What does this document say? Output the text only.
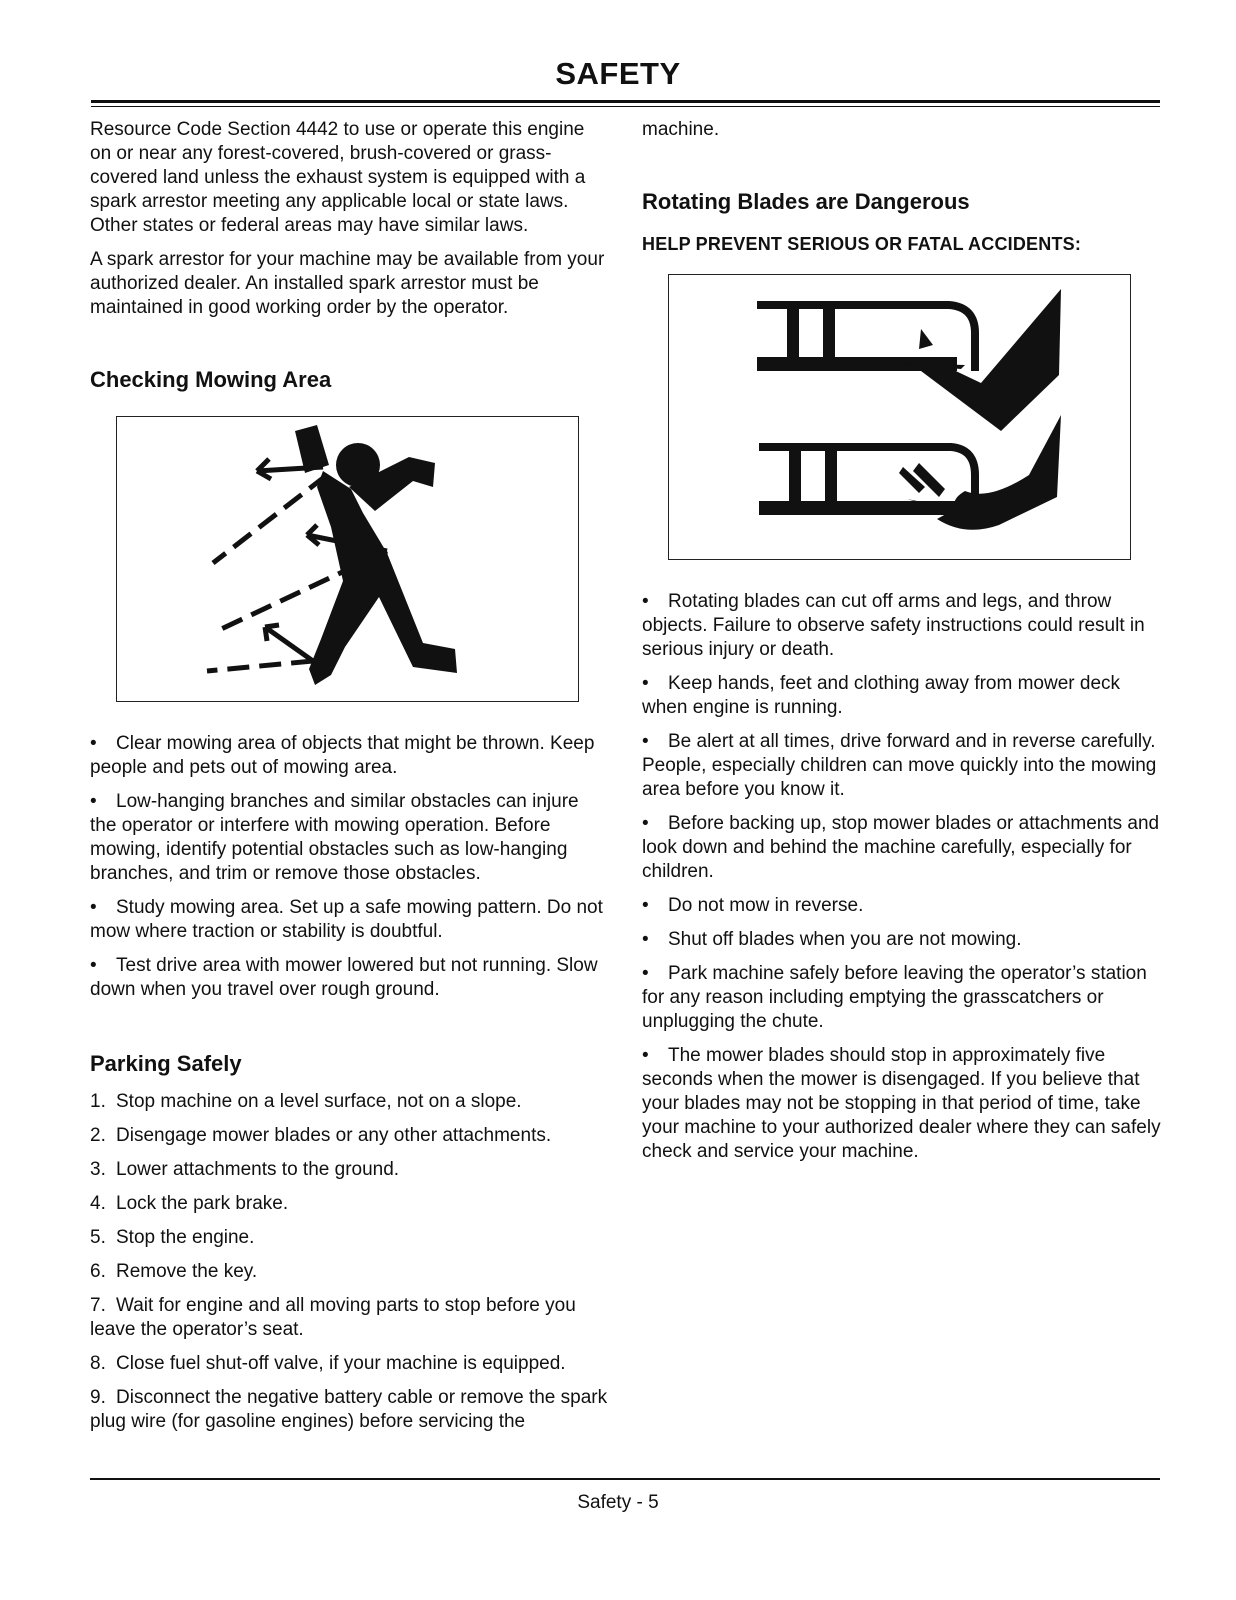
SAFETY

Resource Code Section 4442 to use or operate this engine on or near any forest-covered, brush-covered or grass-covered land unless the exhaust system is equipped with a spark arrestor meeting any applicable local or state laws. Other states or federal areas may have similar laws.

A spark arrestor for your machine may be available from your authorized dealer. An installed spark arrestor must be maintained in good working order by the operator.

Checking Mowing Area

• Clear mowing area of objects that might be thrown. Keep people and pets out of mowing area.

• Low-hanging branches and similar obstacles can injure the operator or interfere with mowing operation. Before mowing, identify potential obstacles such as low-hanging branches, and trim or remove those obstacles.

• Study mowing area. Set up a safe mowing pattern. Do not mow where traction or stability is doubtful.

• Test drive area with mower lowered but not running. Slow down when you travel over rough ground.

Parking Safely

1. Stop machine on a level surface, not on a slope.

2. Disengage mower blades or any other attachments.

3. Lower attachments to the ground.

4. Lock the park brake.

5. Stop the engine.

6. Remove the key.

7. Wait for engine and all moving parts to stop before you leave the operator’s seat.

8. Close fuel shut-off valve, if your machine is equipped.

9. Disconnect the negative battery cable or remove the spark plug wire (for gasoline engines) before servicing the

machine.

Rotating Blades are Dangerous
HELP PREVENT SERIOUS OR FATAL ACCIDENTS:

• Rotating blades can cut off arms and legs, and throw objects. Failure to observe safety instructions could result in serious injury or death.

• Keep hands, feet and clothing away from mower deck when engine is running.

• Be alert at all times, drive forward and in reverse carefully. People, especially children can move quickly into the mowing area before you know it.

• Before backing up, stop mower blades or attachments and look down and behind the machine carefully, especially for children.

• Do not mow in reverse.

• Shut off blades when you are not mowing.

• Park machine safely before leaving the operator’s station for any reason including emptying the grasscatchers or unplugging the chute.

• The mower blades should stop in approximately five seconds when the mower is disengaged. If you believe that your blades may not be stopping in that period of time, take your machine to your authorized dealer where they can safely check and service your machine.

Safety - 5
